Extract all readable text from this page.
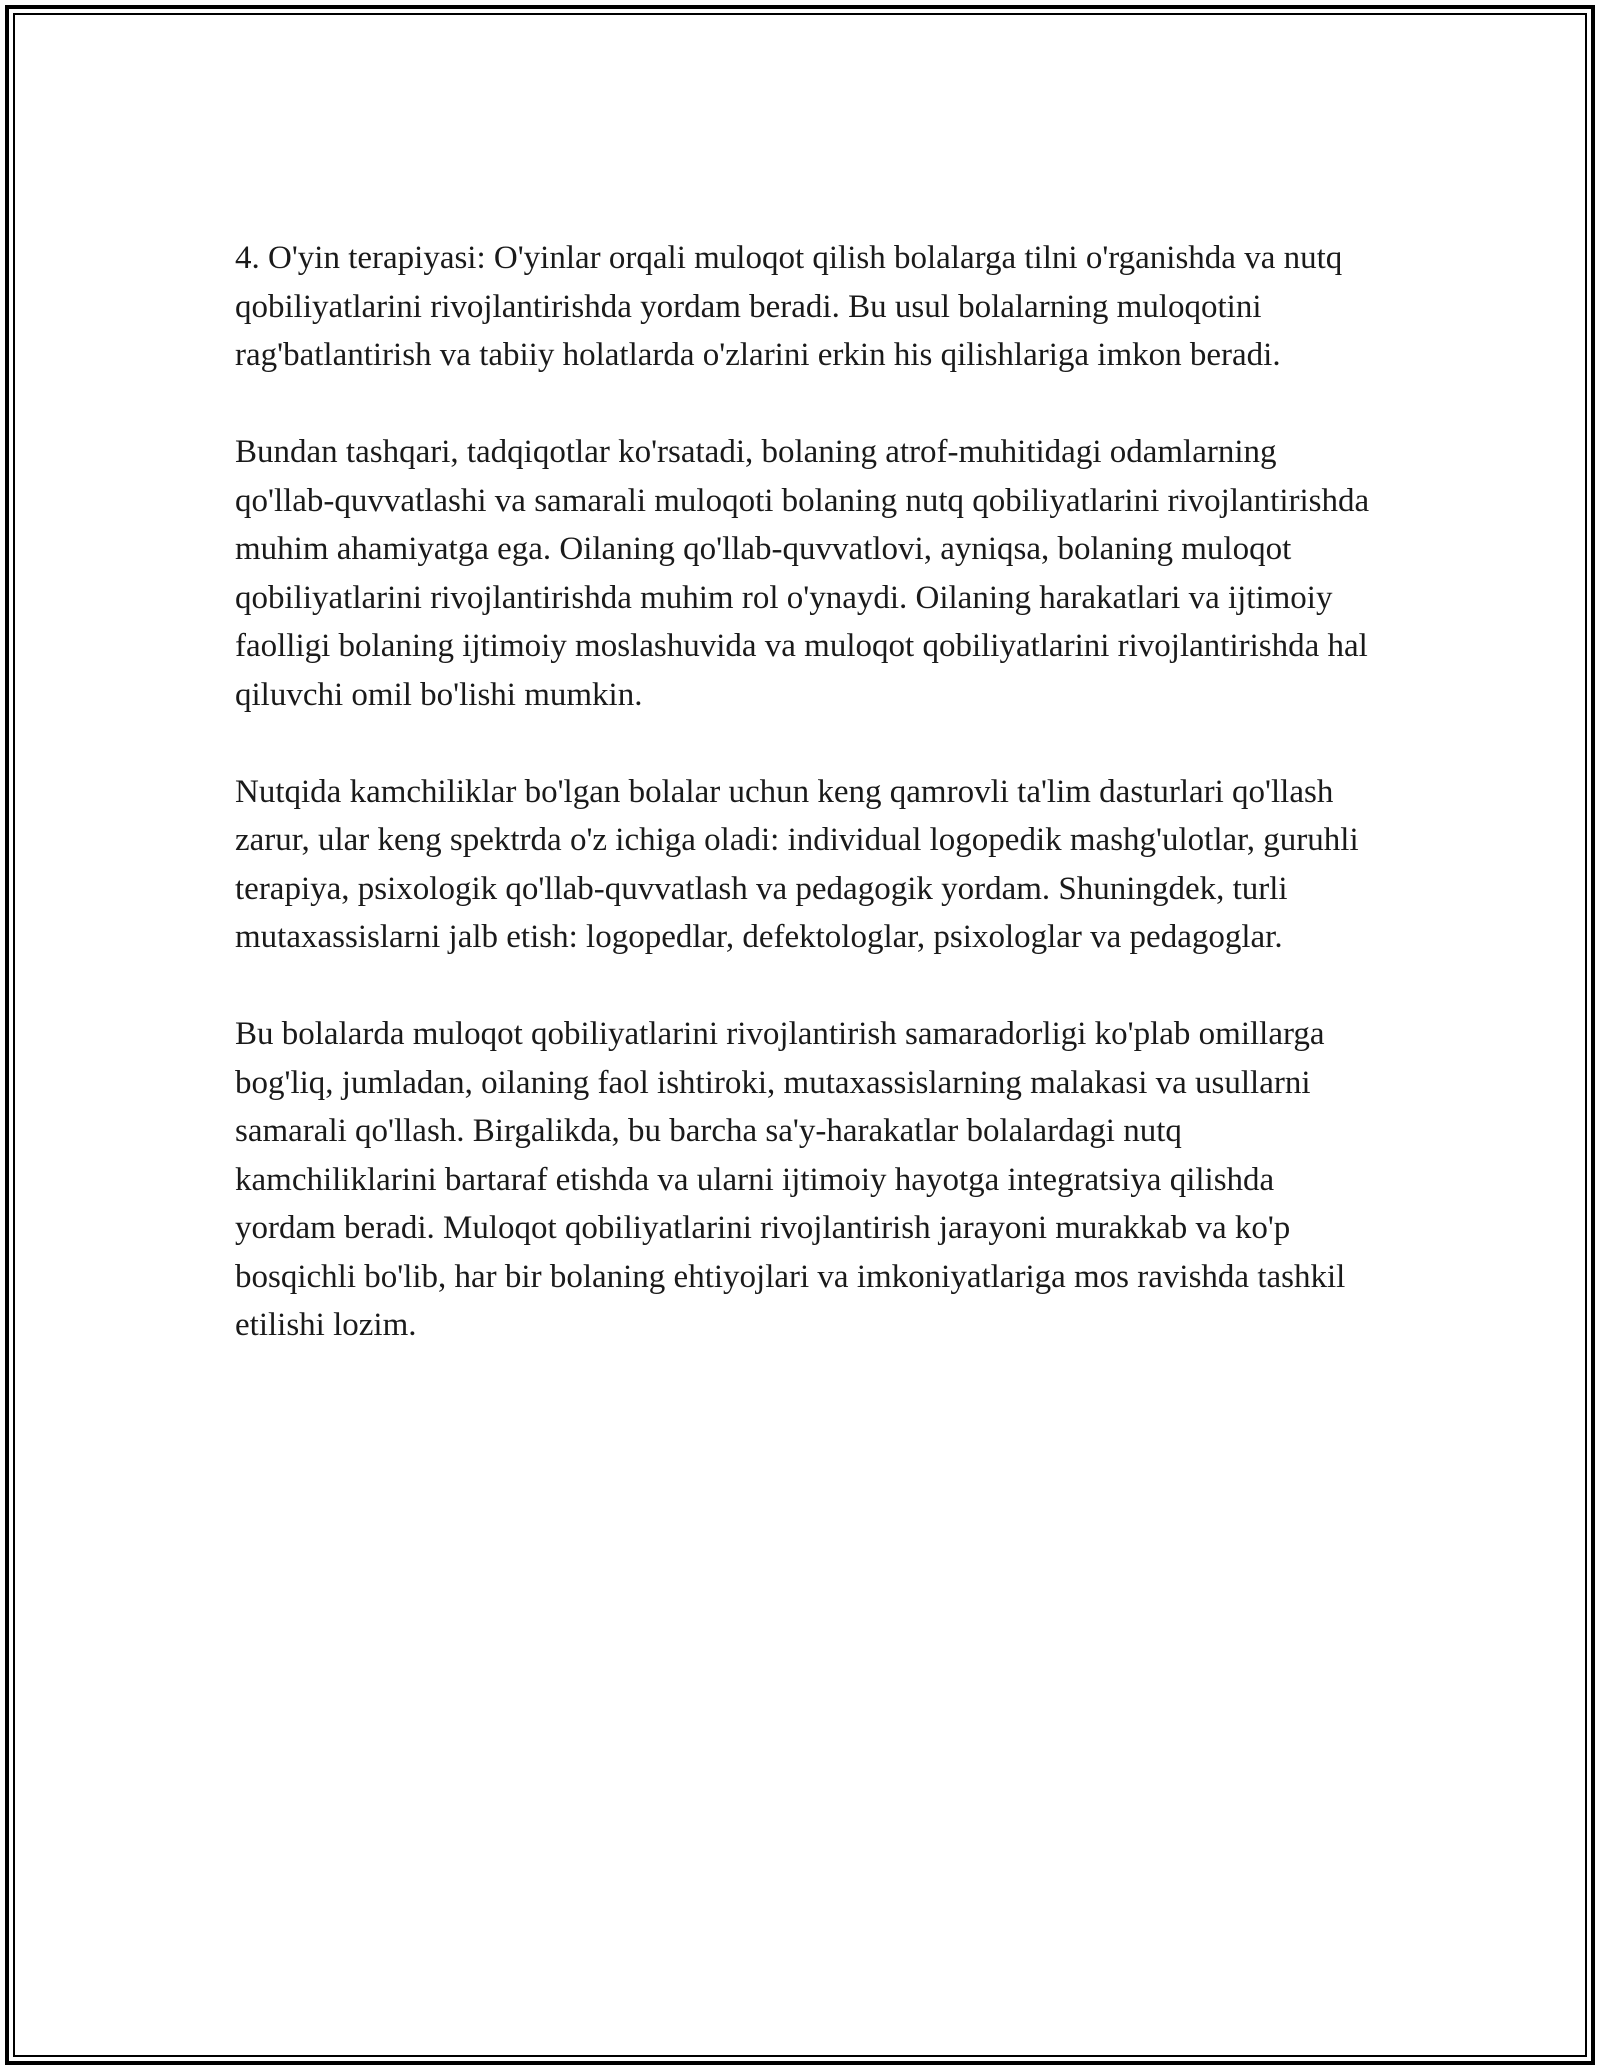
4. O'yin terapiyasi: O'yinlar orqali muloqot qilish bolalarga tilni o'rganishda va nutq qobiliyatlarini rivojlantirishda yordam beradi. Bu usul bolalarning muloqotini rag'batlantirish va tabiiy holatlarda o'zlarini erkin his qilishlariga imkon beradi.

Bundan tashqari, tadqiqotlar ko'rsatadi, bolaning atrof-muhitidagi odamlarning qo'llab-quvvatlashi va samarali muloqoti bolaning nutq qobiliyatlarini rivojlantirishda muhim ahamiyatga ega. Oilaning qo'llab-quvvatlovi, ayniqsa, bolaning muloqot qobiliyatlarini rivojlantirishda muhim rol o'ynaydi. Oilaning harakatlari va ijtimoiy faolligi bolaning ijtimoiy moslashuvida va muloqot qobiliyatlarini rivojlantirishda hal qiluvchi omil bo'lishi mumkin.

Nutqida kamchiliklar bo'lgan bolalar uchun keng qamrovli ta'lim dasturlari qo'llash zarur, ular keng spektrda o'z ichiga oladi: individual logopedik mashg'ulotlar, guruhli terapiya, psixologik qo'llab-quvvatlash va pedagogik yordam. Shuningdek, turli mutaxassislarni jalb etish: logopedlar, defektologlar, psixologlar va pedagoglar.

Bu bolalarda muloqot qobiliyatlarini rivojlantirish samaradorligi ko'plab omillarga bog'liq, jumladan, oilaning faol ishtiroki, mutaxassislarning malakasi va usullarni samarali qo'llash. Birgalikda, bu barcha sa'y-harakatlar bolalardagi nutq kamchiliklarini bartaraf etishda va ularni ijtimoiy hayotga integratsiya qilishda yordam beradi. Muloqot qobiliyatlarini rivojlantirish jarayoni murakkab va ko'p bosqichli bo'lib, har bir bolaning ehtiyojlari va imkoniyatlariga mos ravishda tashkil etilishi lozim.
